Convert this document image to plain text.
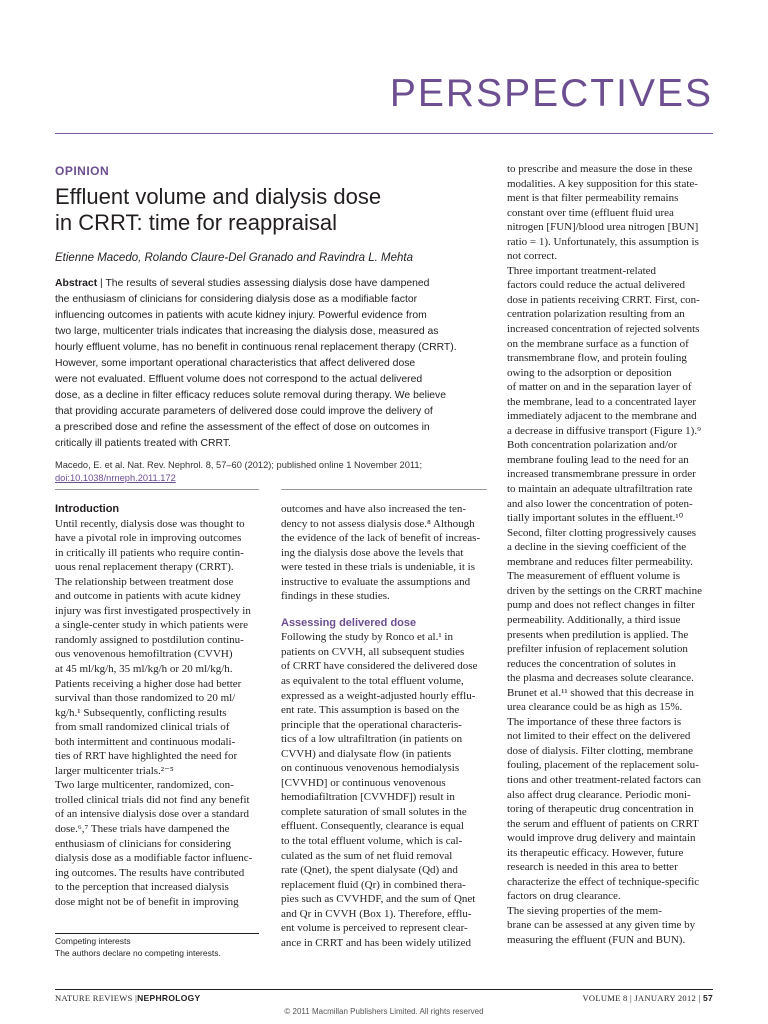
PERSPECTIVES
OPINION
Effluent volume and dialysis dose
in CRRT: time for reappraisal
Etienne Macedo, Rolando Claure-Del Granado and Ravindra L. Mehta
Abstract | The results of several studies assessing dialysis dose have dampened
the enthusiasm of clinicians for considering dialysis dose as a modifiable factor
influencing outcomes in patients with acute kidney injury. Powerful evidence from
two large, multicenter trials indicates that increasing the dialysis dose, measured as
hourly effluent volume, has no benefit in continuous renal replacement therapy (CRRT).
However, some important operational characteristics that affect delivered dose
were not evaluated. Effluent volume does not correspond to the actual delivered
dose, as a decline in filter efficacy reduces solute removal during therapy. We believe
that providing accurate parameters of delivered dose could improve the delivery of
a prescribed dose and refine the assessment of the effect of dose on outcomes in
critically ill patients treated with CRRT.
Macedo, E. et al. Nat. Rev. Nephrol. 8, 57–60 (2012); published online 1 November 2011;
doi:10.1038/nrneph.2011.172
Introduction
Until recently, dialysis dose was thought to
have a pivotal role in improving outcomes
in critically ill patients who require contin-
uous renal replacement therapy (CRRT).
The relationship between treatment dose
and outcome in patients with acute kidney
injury was first investigated prospectively in
a single-center study in which patients were
randomly assigned to postdilution continu-
ous venovenous hemofiltration (CVVH)
at 45 ml/kg/h, 35 ml/kg/h or 20 ml/kg/h.
Patients receiving a higher dose had better
survival than those randomized to 20 ml/
kg/h.¹ Subsequently, conflicting results
from small randomized clinical trials of
both intermittent and continuous modali-
ties of RRT have highlighted the need for
larger multicenter trials.²⁻⁵
Two large multicenter, randomized, con-
trolled clinical trials did not find any benefit
of an intensive dialysis dose over a standard
dose.⁶,⁷ These trials have dampened the
enthusiasm of clinicians for considering
dialysis dose as a modifiable factor influenc-
ing outcomes. The results have contributed
to the perception that increased dialysis
dose might not be of benefit in improving
outcomes and have also increased the ten-
dency to not assess dialysis dose.⁸ Although
the evidence of the lack of benefit of increas-
ing the dialysis dose above the levels that
were tested in these trials is undeniable, it is
instructive to evaluate the assumptions and
findings in these studies.
Assessing delivered dose
Following the study by Ronco et al.¹ in
patients on CVVH, all subsequent studies
of CRRT have considered the delivered dose
as equivalent to the total effluent volume,
expressed as a weight-adjusted hourly efflu-
ent rate. This assumption is based on the
principle that the operational characteris-
tics of a low ultrafiltration (in patients on
CVVH) and dialysate flow (in patients
on continuous venovenous hemodialysis
[CVVHD] or continuous venovenous
hemodiafiltration [CVVHDF]) result in
complete saturation of small solutes in the
effluent. Consequently, clearance is equal
to the total effluent volume, which is cal-
culated as the sum of net fluid removal
rate (Qnet), the spent dialysate (Qd) and
replacement fluid (Qr) in combined thera-
pies such as CVVHDF, and the sum of Qnet
and Qr in CVVH (Box 1). Therefore, efflu-
ent volume is perceived to represent clear-
ance in CRRT and has been widely utilized
to prescribe and measure the dose in these
modalities. A key supposition for this state-
ment is that filter permeability remains
constant over time (effluent fluid urea
nitrogen [FUN]/blood urea nitrogen [BUN]
ratio = 1). Unfortunately, this assumption is
not correct.
Three important treatment-related
factors could reduce the actual delivered
dose in patients receiving CRRT. First, con-
centration polarization resulting from an
increased concentration of rejected solvents
on the membrane surface as a function of
transmembrane flow, and protein fouling
owing to the adsorption or deposition
of matter on and in the separation layer of
the membrane, lead to a concentrated layer
immediately adjacent to the membrane and
a decrease in diffusive transport (Figure 1).⁹
Both concentration polarization and/or
membrane fouling lead to the need for an
increased transmembrane pressure in order
to maintain an adequate ultrafiltration rate
and also lower the concentration of poten-
tially important solutes in the effluent.¹⁰
Second, filter clotting progressively causes
a decline in the sieving coefficient of the
membrane and reduces filter permeability.
The measurement of effluent volume is
driven by the settings on the CRRT machine
pump and does not reflect changes in filter
permeability. Additionally, a third issue
presents when predilution is applied. The
prefilter infusion of replacement solution
reduces the concentration of solutes in
the plasma and decreases solute clearance.
Brunet et al.¹¹ showed that this decrease in
urea clearance could be as high as 15%.
The importance of these three factors is
not limited to their effect on the delivered
dose of dialysis. Filter clotting, membrane
fouling, placement of the replacement solu-
tions and other treatment-related factors can
also affect drug clearance. Periodic moni-
toring of therapeutic drug concentration in
the serum and effluent of patients on CRRT
would improve drug delivery and maintain
its therapeutic efficacy. However, future
research is needed in this area to better
characterize the effect of technique-specific
factors on drug clearance.
The sieving properties of the mem-
brane can be assessed at any given time by
measuring the effluent (FUN and BUN).
Competing interests
The authors declare no competing interests.
NATURE REVIEWS |NEPHROLOGY	VOLUME 8 | JANUARY 2012 | 57
© 2011 Macmillan Publishers Limited. All rights reserved
